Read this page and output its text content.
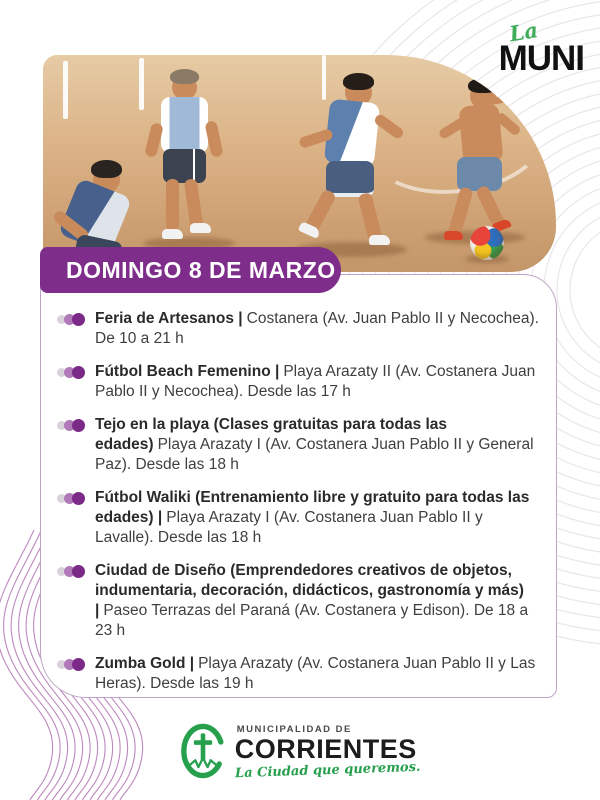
La
MUNI
DOMINGO 8 DE MARZO

Feria de Artesanos | Costanera (Av. Juan Pablo II y Necochea). De 10 a 21 h

Fútbol Beach Femenino | Playa Arazaty II (Av. Costanera Juan Pablo II y Necochea). Desde las 17 h

Tejo en la playa (Clases gratuitas para todas las edades) Playa Arazaty I (Av. Costanera Juan Pablo II y General Paz). Desde las 18 h

Fútbol Waliki (Entrenamiento libre y gratuito para todas las edades) | Playa Arazaty I (Av. Costanera Juan Pablo II y Lavalle). Desde las 18 h

Ciudad de Diseño (Emprendedores creativos de objetos, indumentaria, decoración, didácticos, gastronomía y más) | Paseo Terrazas del Paraná (Av. Costanera y Edison). De 18 a 23 h

Zumba Gold | Playa Arazaty (Av. Costanera Juan Pablo II y Las Heras). Desde las 19 h

MUNICIPALIDAD DE
CORRIENTES
La Ciudad que queremos.
